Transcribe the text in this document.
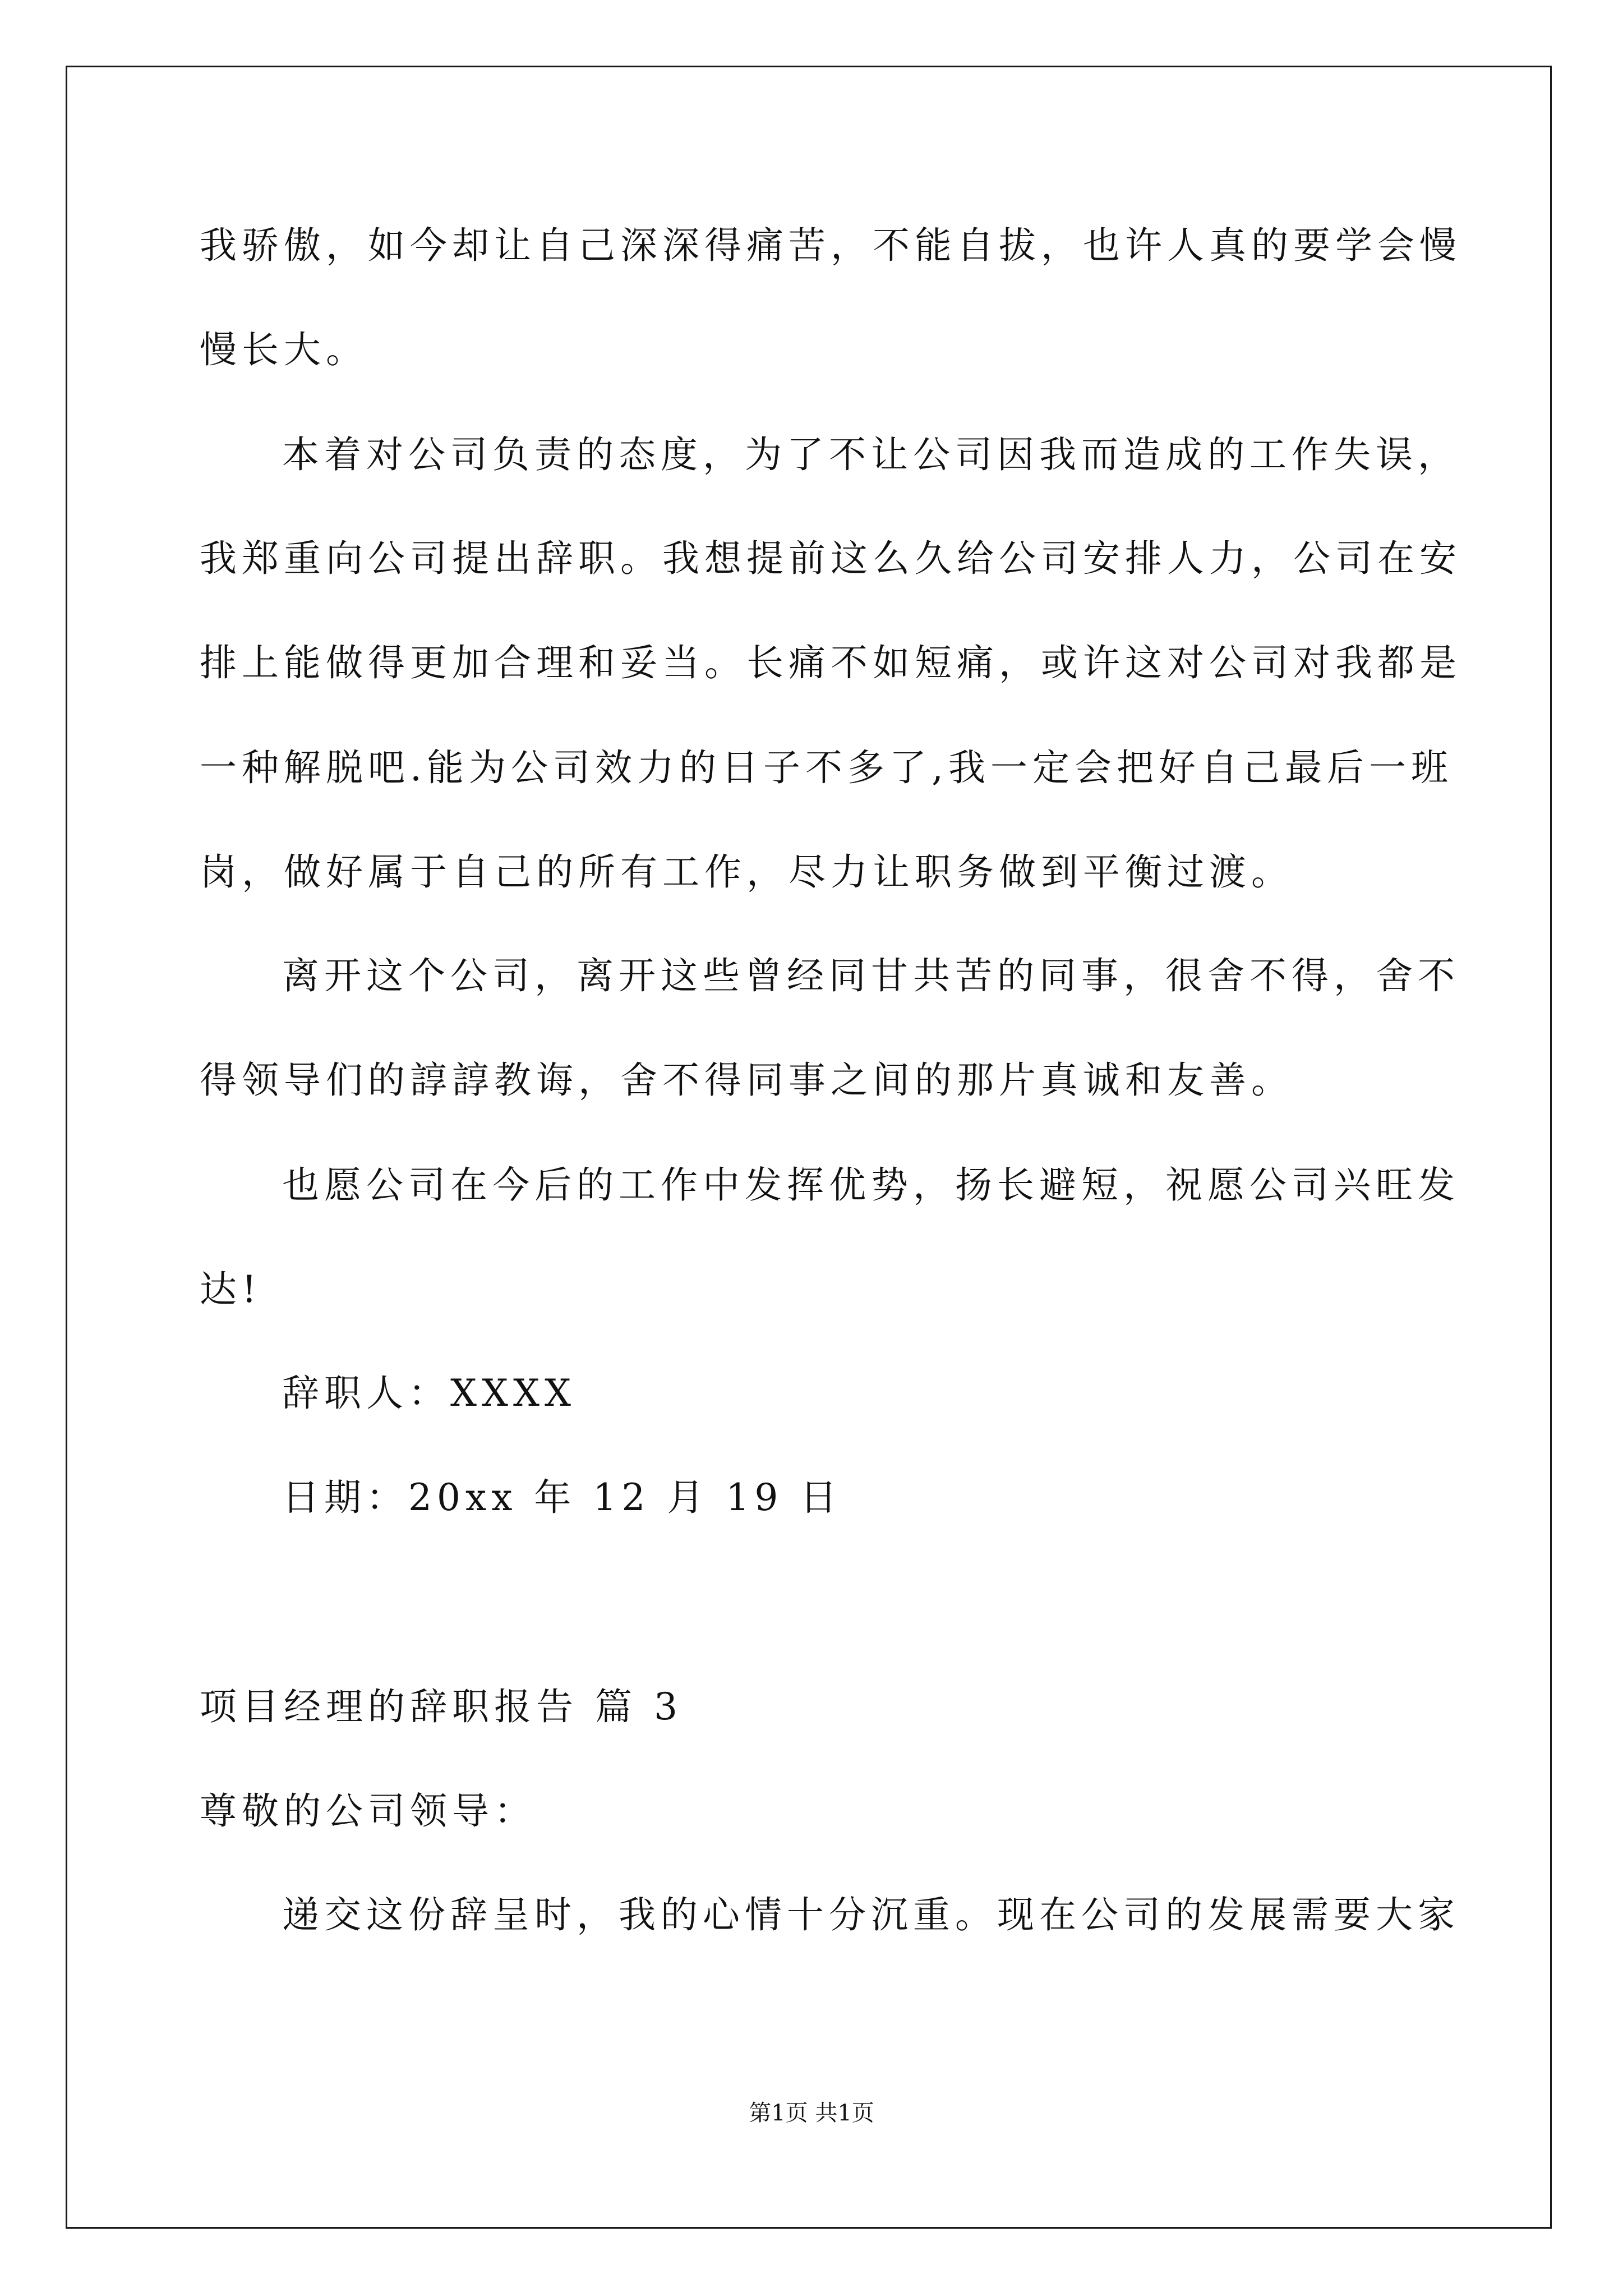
我骄傲，如今却让自己深深得痛苦，不能自拔，也许人真的要学会慢
慢长大。
本着对公司负责的态度，为了不让公司因我而造成的工作失误，
我郑重向公司提出辞职。我想提前这么久给公司安排人力，公司在安
排上能做得更加合理和妥当。长痛不如短痛，或许这对公司对我都是
一种解脱吧.能为公司效力的日子不多了,我一定会把好自己最后一班
岗，做好属于自己的所有工作，尽力让职务做到平衡过渡。
离开这个公司，离开这些曾经同甘共苦的同事，很舍不得，舍不
得领导们的諄諄教诲，舍不得同事之间的那片真诚和友善。
也愿公司在今后的工作中发挥优势，扬长避短，祝愿公司兴旺发
达!
辞职人：XXXX
日期：20xx 年 12 月 19 日
项目经理的辞职报告 篇 3
尊敬的公司领导：
递交这份辞呈时，我的心情十分沉重。现在公司的发展需要大家
第1页 共1页
